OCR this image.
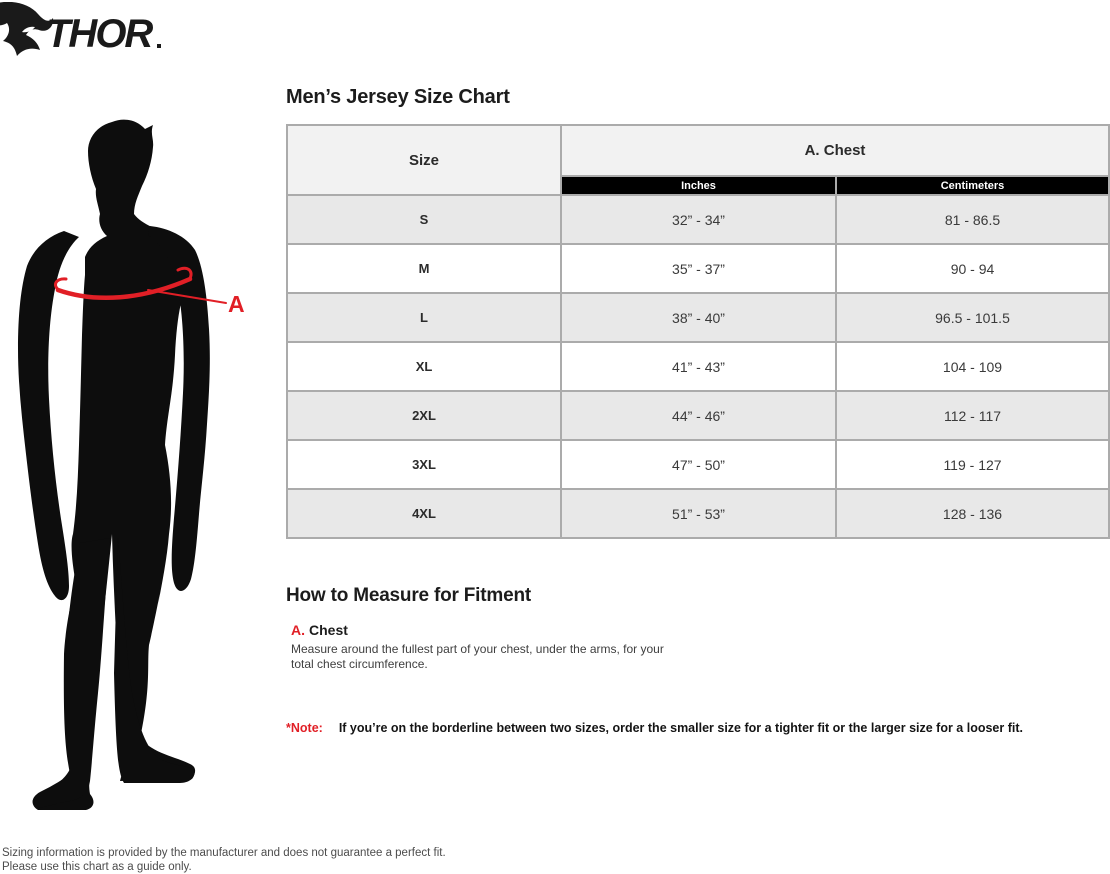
THOR
A
Men’s Jersey Size Chart
Size	A. Chest	
	Inches	Centimeters
S	32” - 34”	81 - 86.5
M	35” - 37”	90 - 94
L	38” - 40”	96.5 - 101.5
XL	41” - 43”	104 - 109
2XL	44” - 46”	112 - 117
3XL	47” - 50”	119 - 127
4XL	51” - 53”	128 - 136
How to Measure for Fitment
A. Chest

Measure around the fullest part of your chest, under the arms, for your total chest circumference.

*Note: If you’re on the borderline between two sizes, order the smaller size for a tighter fit or the larger size for a looser fit.
Sizing information is provided by the manufacturer and does not guarantee a perfect fit.
Please use this chart as a guide only.
